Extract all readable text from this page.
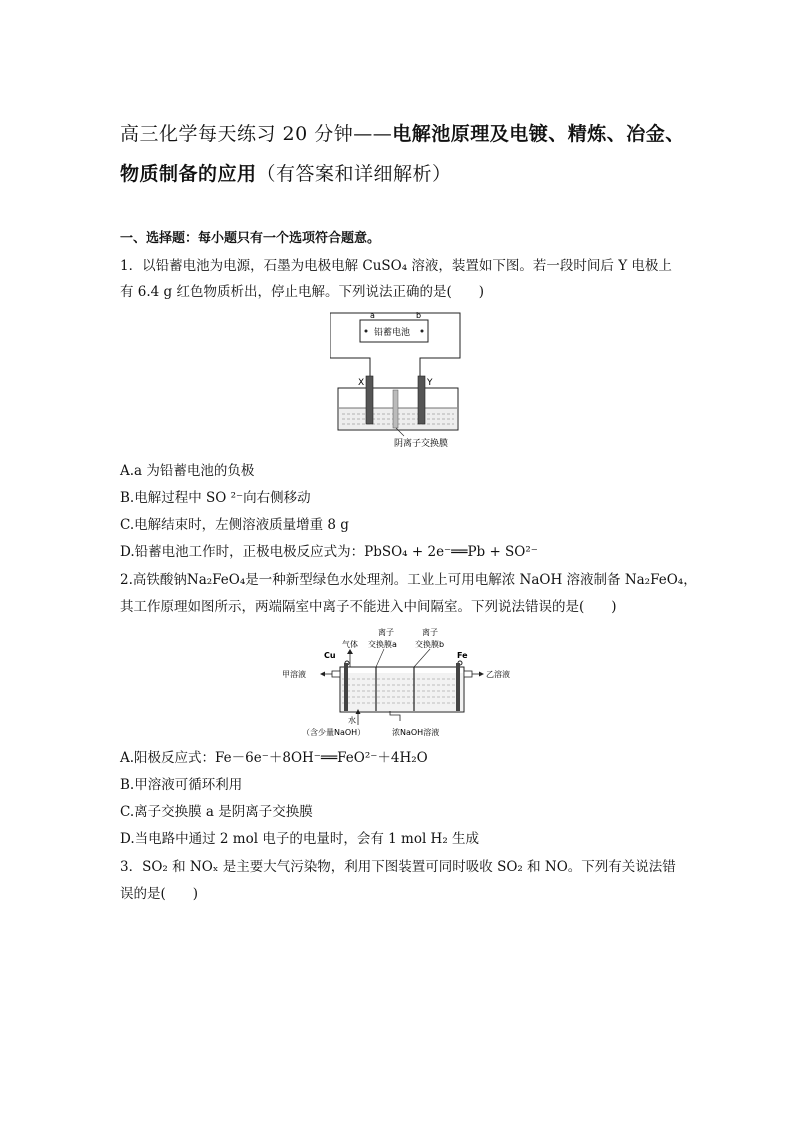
高三化学每天练习 20 分钟——电解池原理及电镀、精炼、冶金、
物质制备的应用（有答案和详细解析）
一、选择题：每小题只有一个选项符合题意。
1．以铅蓄电池为电源，石墨为电极电解 CuSO₄ 溶液，装置如下图。若一段时间后 Y 电极上
有 6.4 g 红色物质析出，停止电解。下列说法正确的是(　　)
a	b
铅蓄电池
X	Y
阴离子交换膜
A.a 为铅蓄电池的负极
B.电解过程中 SO ²⁻向右侧移动
C.电解结束时，左侧溶液质量增重 8 g
D.铅蓄电池工作时，正极电极反应式为：PbSO₄ + 2e⁻══Pb + SO²⁻
2.高铁酸钠Na₂FeO₄是一种新型绿色水处理剂。工业上可用电解浓 NaOH 溶液制备 Na₂FeO₄，
其工作原理如图所示，两端隔室中离子不能进入中间隔室。下列说法错误的是(　　)
离子
交换膜a
离子
交换膜b
气体
Cu	Fe
甲溶液	乙溶液
水
（含少量NaOH）	浓NaOH溶液
A.阳极反应式：Fe－6e⁻＋8OH⁻══FeO²⁻＋4H₂O
B.甲溶液可循环利用
C.离子交换膜 a 是阴离子交换膜
D.当电路中通过 2 mol 电子的电量时，会有 1 mol H₂ 生成
3．SO₂ 和 NOₓ 是主要大气污染物，利用下图装置可同时吸收 SO₂ 和 NO。下列有关说法错
误的是(　　)
